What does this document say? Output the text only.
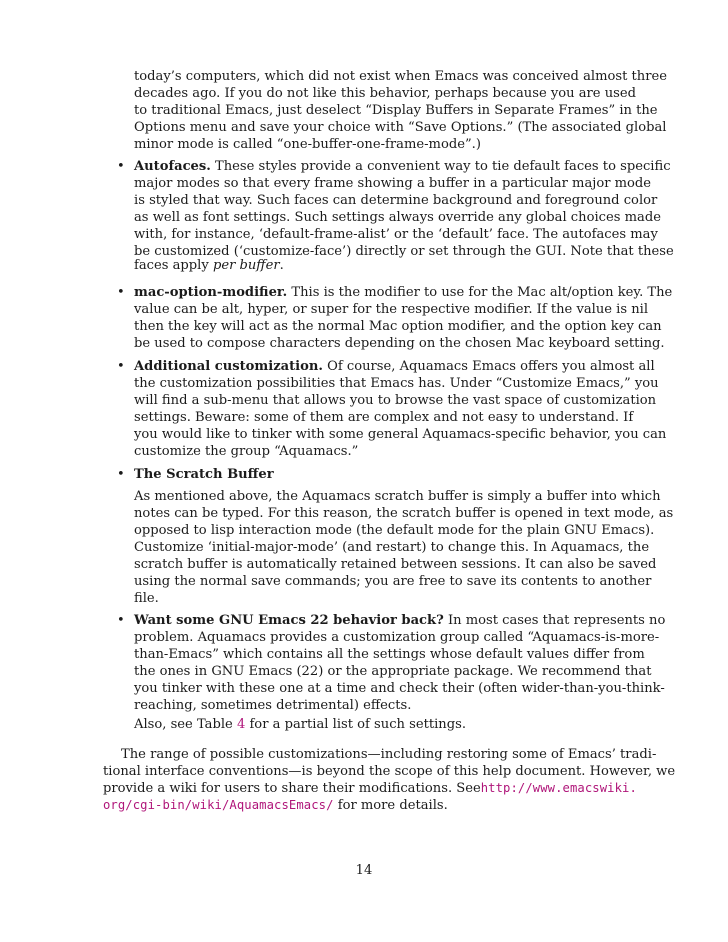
today’s computers, which did not exist when Emacs was conceived almost three
decades ago. If you do not like this behavior, perhaps because you are used
to traditional Emacs, just deselect “Display Buffers in Separate Frames” in the
Options menu and save your choice with “Save Options.” (The associated global
minor mode is called “one-buffer-one-frame-mode”.)
• Autofaces. These styles provide a convenient way to tie default faces to specific
major modes so that every frame showing a buffer in a particular major mode
is styled that way. Such faces can determine background and foreground color
as well as font settings. Such settings always override any global choices made
with, for instance, ‘default-frame-alist’ or the ‘default’ face. The autofaces may
be customized (‘customize-face’) directly or set through the GUI. Note that these
faces apply per buffer.
• mac-option-modifier. This is the modifier to use for the Mac alt/option key. The
value can be alt, hyper, or super for the respective modifier. If the value is nil
then the key will act as the normal Mac option modifier, and the option key can
be used to compose characters depending on the chosen Mac keyboard setting.
• Additional customization. Of course, Aquamacs Emacs offers you almost all
the customization possibilities that Emacs has. Under “Customize Emacs,” you
will find a sub-menu that allows you to browse the vast space of customization
settings. Beware: some of them are complex and not easy to understand. If
you would like to tinker with some general Aquamacs-specific behavior, you can
customize the group “Aquamacs.”
• The Scratch Buffer
As mentioned above, the Aquamacs scratch buffer is simply a buffer into which
notes can be typed. For this reason, the scratch buffer is opened in text mode, as
opposed to lisp interaction mode (the default mode for the plain GNU Emacs).
Customize ‘initial-major-mode’ (and restart) to change this. In Aquamacs, the
scratch buffer is automatically retained between sessions. It can also be saved
using the normal save commands; you are free to save its contents to another
file.
• Want some GNU Emacs 22 behavior back? In most cases that represents no
problem. Aquamacs provides a customization group called “Aquamacs-is-more-
than-Emacs” which contains all the settings whose default values differ from
the ones in GNU Emacs (22) or the appropriate package. We recommend that
you tinker with these one at a time and check their (often wider-than-you-think-
reaching, sometimes detrimental) effects.
Also, see Table 4 for a partial list of such settings.
The range of possible customizations—including restoring some of Emacs’ tradi-
tional interface conventions—is beyond the scope of this help document. However, we
provide a wiki for users to share their modifications. See http://www.emacswiki.
org/cgi-bin/wiki/AquamacsEmacs/ for more details.
14
